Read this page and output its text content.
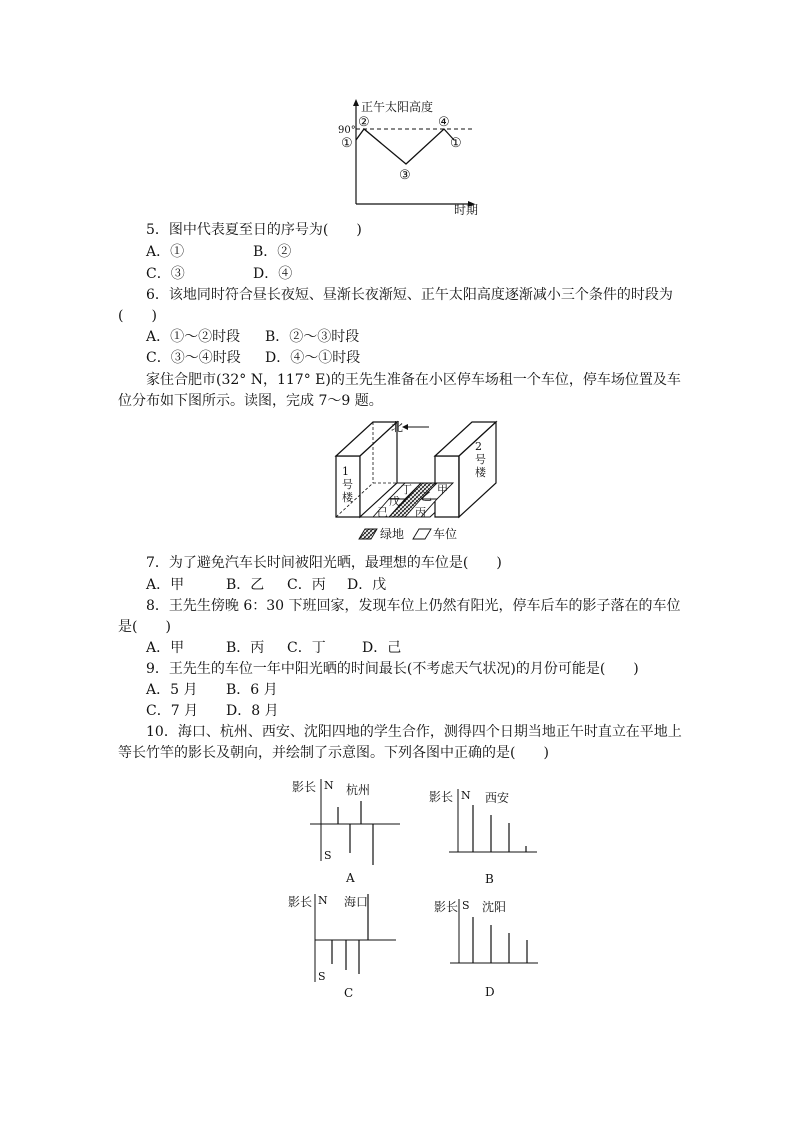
正午太阳高度
90°
①
②
③
④
①
时期
5．图中代表夏至日的序号为(　　)
A．①	B．②
C．③	D．④
6．该地同时符合昼长夜短、昼渐长夜渐短、正午太阳高度逐渐减小三个条件的时段为
(　　)
A．①～②时段 B．②～③时段
C．③～④时段 D．④～①时段
家住合肥市(32° N，117° E)的王先生准备在小区停车场租一个车位，停车场位置及车
位分布如下图所示。读图，完成 7～9 题。
1
号
楼
2
号
楼
北
甲
乙
丙
丁
戊
己
绿地 车位
7．为了避免汽车长时间被阳光晒，最理想的车位是(　　)
A．甲	B．乙 C．丙 D．戊
8．王先生傍晚 6：30 下班回家，发现车位上仍然有阳光，停车后车的影子落在的车位
是(　　)
A．甲	B．丙 C．丁	D．己
9．王先生的车位一年中阳光晒的时间最长(不考虑天气状况)的月份可能是(　　)
A．5 月 B．6 月
C．7 月 D．8 月
10．海口、杭州、西安、沈阳四地的学生合作，测得四个日期当地正午时直立在平地上
等长竹竿的影长及朝向，并绘制了示意图。下列各图中正确的是(　　)
影长 N
S
杭州
A
影长 N 西安
B
影长 N
S
海口
C
影长 S 沈阳
D
